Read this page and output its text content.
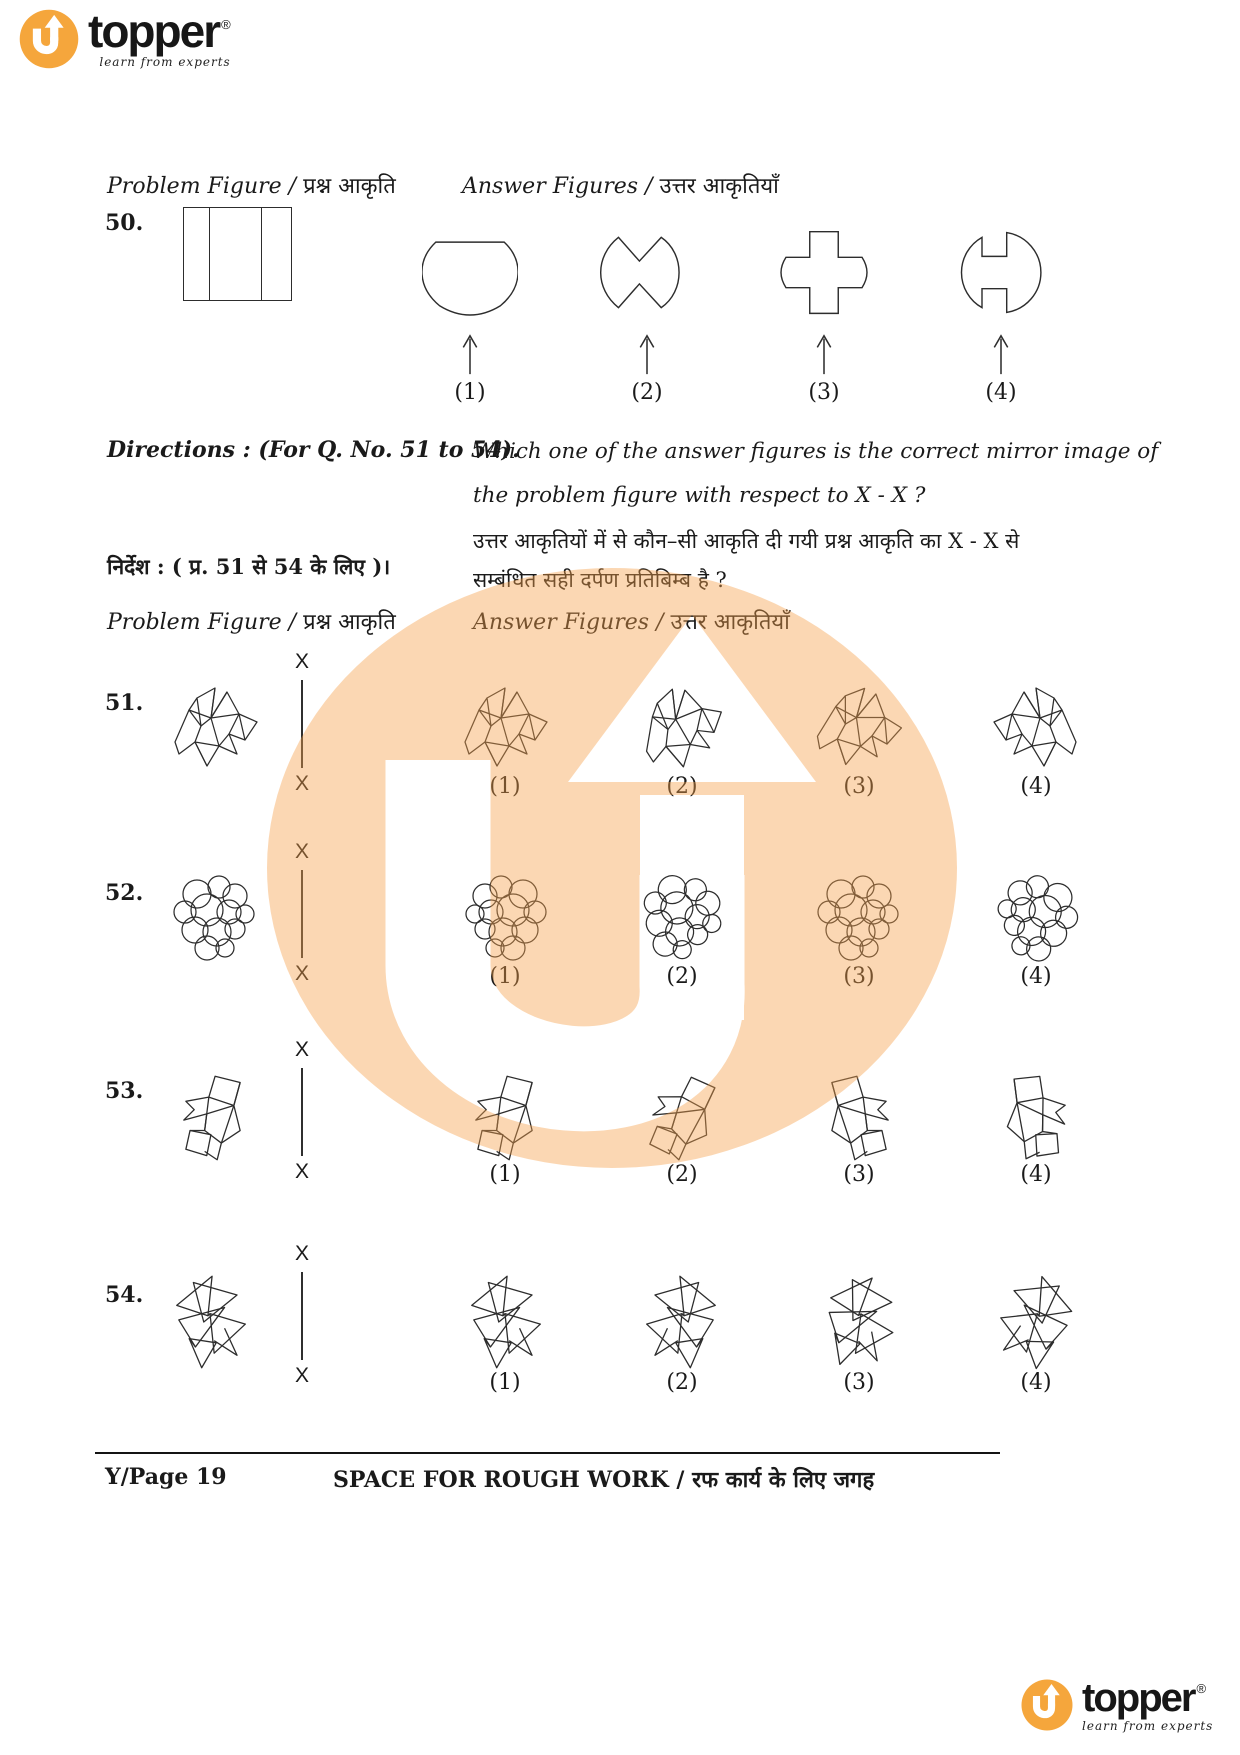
topper ®
learn from experts
Problem Figure / प्रश्न आकृति	Answer Figures / उत्तर आकृतियाँ
50.
(1)	(2)	(3)	(4)
Directions : (For Q. No. 51 to 54).
निर्देश : ( प्र. 51 से 54 के लिए )।
Which one of the answer figures is the correct mirror image of
the problem figure with respect to X - X ?
उत्तर आकृतियों में से कौन–सी आकृति दी गयी प्रश्न आकृति का X - X से
सम्बंधित सही दर्पण प्रतिबिम्ब है ?
Problem Figure / प्रश्न आकृति	Answer Figures / उत्तर आकृतियाँ
51.
X
X	(1)	(2)	(3)	(4)
52.
X
X	(1)	(2)	(3)	(4)
53.
X
X	(1)	(2)	(3)	(4)
54.
X
X	(1)	(2)	(3)	(4)
Y/Page 19	SPACE FOR ROUGH WORK / रफ कार्य के लिए जगह
topper ®
learn from experts
